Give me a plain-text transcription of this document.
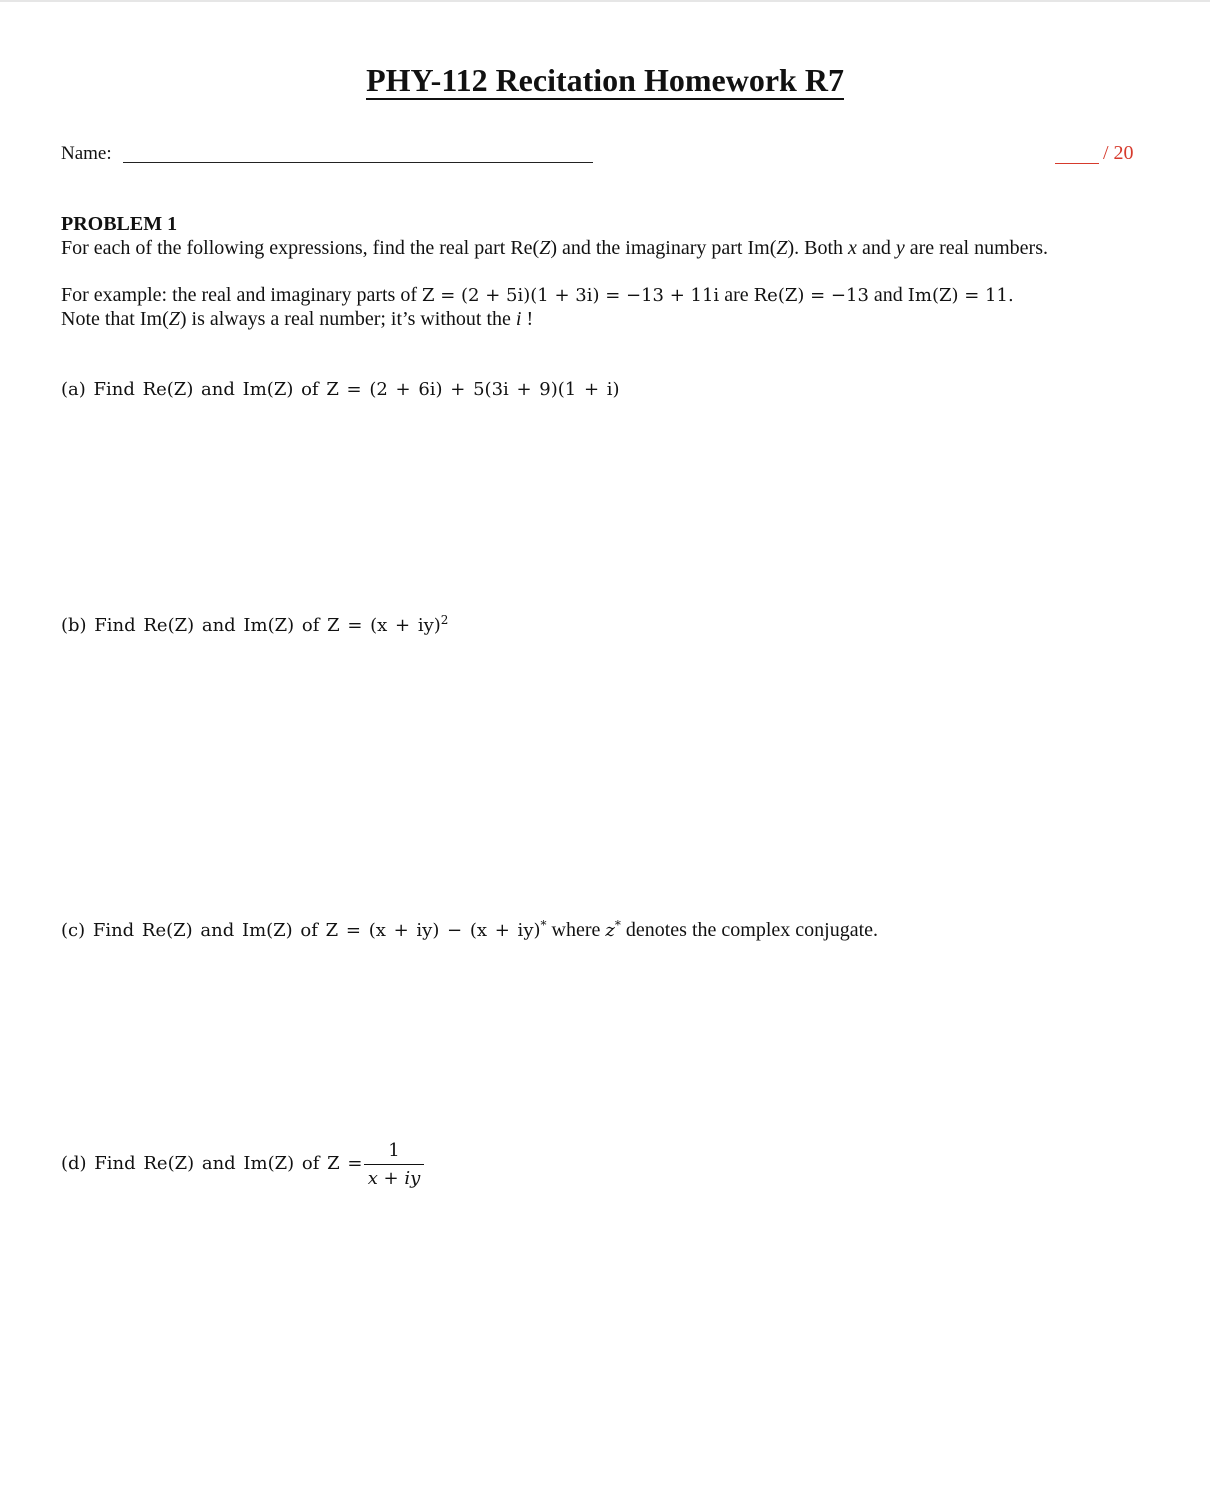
PHY-112 Recitation Homework R7
Name:	/ 20
PROBLEM 1
For each of the following expressions, find the real part Re(Z) and the imaginary part Im(Z). Both x and y are real numbers.
For example: the real and imaginary parts of Z = (2 + 5i)(1 + 3i) = −13 + 11i are Re(Z) = −13 and Im(Z) = 11.
Note that Im(Z) is always a real number; it’s without the i !
(a) Find Re(Z) and Im(Z) of Z = (2 + 6i) + 5(3i + 9)(1 + i)
(b) Find Re(Z) and Im(Z) of Z = (x + iy)$^2$
(c) Find Re(Z) and Im(Z) of Z = (x + iy) − (x + iy)* where z* denotes the complex conjugate.
(d) Find Re(Z) and Im(Z) of Z =
1
x + iy
